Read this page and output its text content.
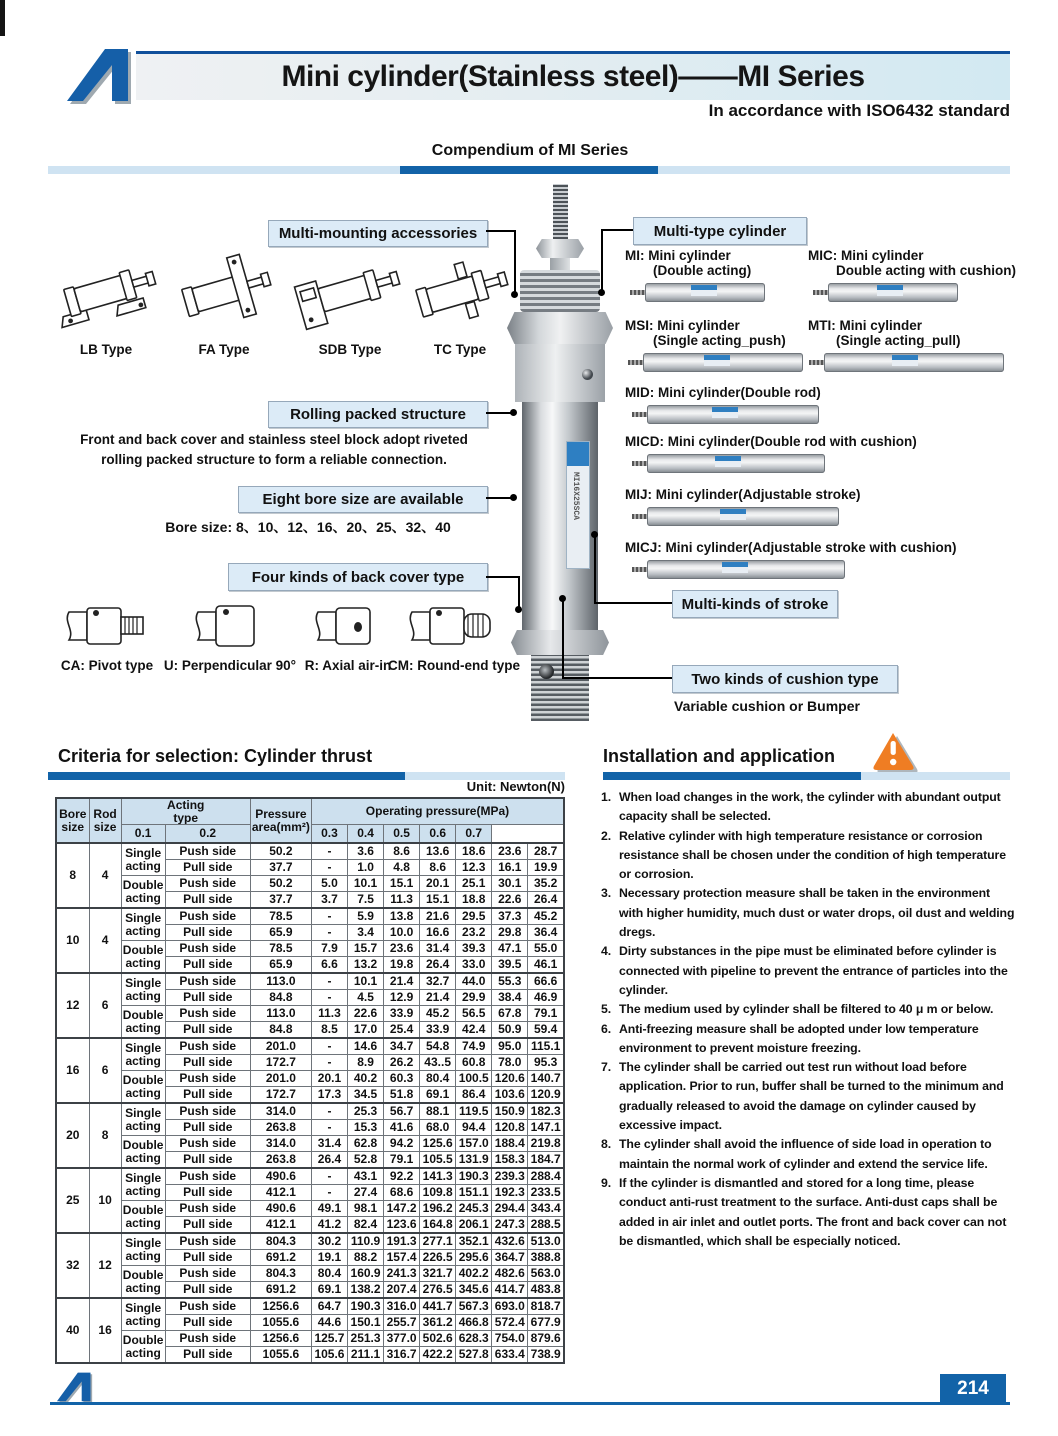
Mini cylinder(Stainless steel)——MI Series
In accordance with ISO6432 standard
Compendium of MI Series
LB Type	FA Type	SDB Type	TC Type
Multi-mounting accessories
Rolling packed structure
Front and back cover and stainless steel block adopt riveted rolling packed structure to form a reliable connection.
Eight bore size are available
Bore size: 8、10、12、16、20、25、32、40
Four kinds of back cover type
CA: Pivot type U: Perpendicular 90° R: Axial air-in
CM: Round-end type
MI16X25SCA
Multi-type cylinder
MI: Mini cylinder
(Double acting)
MIC: Mini cylinder
Double acting with cushion)
MSI: Mini cylinder
(Single acting_push)
MTI: Mini cylinder
(Single acting_pull)
MID: Mini cylinder(Double rod)
MICD: Mini cylinder(Double rod with cushion)
MIJ: Mini cylinder(Adjustable stroke)
MICJ: Mini cylinder(Adjustable stroke with cushion)
Multi-kinds of stroke
Two kinds of cushion type
Variable cushion or Bumper
Criteria for selection: Cylinder thrust
Unit: Newton(N)
Bore size	Rod size	Acting type		Pressure area(mm²)	Operating pressure(MPa)						
		0.1	0.2		0.3	0.4	0.5	0.6	0.7		
8	4	Single acting	Push side	50.2	-	3.6	8.6	13.6	18.6	23.6	28.7
			Pull side	37.7	-	1.0	4.8	8.6	12.3	16.1	19.9
		Double acting	Push side	50.2	5.0	10.1	15.1	20.1	25.1	30.1	35.2
			Pull side	37.7	3.7	7.5	11.3	15.1	18.8	22.6	26.4
10	4	Single acting	Push side	78.5	-	5.9	13.8	21.6	29.5	37.3	45.2
			Pull side	65.9	-	3.4	10.0	16.6	23.2	29.8	36.4
		Double acting	Push side	78.5	7.9	15.7	23.6	31.4	39.3	47.1	55.0
			Pull side	65.9	6.6	13.2	19.8	26.4	33.0	39.5	46.1
12	6	Single acting	Push side	113.0	-	10.1	21.4	32.7	44.0	55.3	66.6
			Pull side	84.8	-	4.5	12.9	21.4	29.9	38.4	46.9
		Double acting	Push side	113.0	11.3	22.6	33.9	45.2	56.5	67.8	79.1
			Pull side	84.8	8.5	17.0	25.4	33.9	42.4	50.9	59.4
16	6	Single acting	Push side	201.0	-	14.6	34.7	54.8	74.9	95.0	115.1
			Pull side	172.7	-	8.9	26.2	43..5	60.8	78.0	95.3
		Double acting	Push side	201.0	20.1	40.2	60.3	80.4	100.5	120.6	140.7
			Pull side	172.7	17.3	34.5	51.8	69.1	86.4	103.6	120.9
20	8	Single acting	Push side	314.0	-	25.3	56.7	88.1	119.5	150.9	182.3
			Pull side	263.8	-	15.3	41.6	68.0	94.4	120.8	147.1
		Double acting	Push side	314.0	31.4	62.8	94.2	125.6	157.0	188.4	219.8
			Pull side	263.8	26.4	52.8	79.1	105.5	131.9	158.3	184.7
25	10	Single acting	Push side	490.6	-	43.1	92.2	141.3	190.3	239.3	288.4
			Pull side	412.1	-	27.4	68.6	109.8	151.1	192.3	233.5
		Double acting	Push side	490.6	49.1	98.1	147.2	196.2	245.3	294.4	343.4
			Pull side	412.1	41.2	82.4	123.6	164.8	206.1	247.3	288.5
32	12	Single acting	Push side	804.3	30.2	110.9	191.3	277.1	352.1	432.6	513.0
			Pull side	691.2	19.1	88.2	157.4	226.5	295.6	364.7	388.8
		Double acting	Push side	804.3	80.4	160.9	241.3	321.7	402.2	482.6	563.0
			Pull side	691.2	69.1	138.2	207.4	276.5	345.6	414.7	483.8
40	16	Single acting	Push side	1256.6	64.7	190.3	316.0	441.7	567.3	693.0	818.7
			Pull side	1055.6	44.6	150.1	255.7	361.2	466.8	572.4	677.9
		Double acting	Push side	1256.6	125.7	251.3	377.0	502.6	628.3	754.0	879.6
			Pull side	1055.6	105.6	211.1	316.7	422.2	527.8	633.4	738.9
Installation and application
1. When load changes in the work, the cylinder with abundant output capacity shall be selected.
2. Relative cylinder with high temperature resistance or corrosion resistance shall be chosen under the condition of high temperature or corrosion.
3. Necessary protection measure shall be taken in the environment with higher humidity, much dust or water drops, oil dust and welding dregs.
4. Dirty substances in the pipe must be eliminated before cylinder is connected with pipeline to prevent the entrance of particles into the cylinder.
5. The medium used by cylinder shall be filtered to 40 μ m or below.
6. Anti-freezing measure shall be adopted under low temperature environment to prevent moisture freezing.
7. The cylinder shall be carried out test run without load before application. Prior to run, buffer shall be turned to the minimum and gradually released to avoid the damage on cylinder caused by excessive impact.
8. The cylinder shall avoid the influence of side load in operation to maintain the normal work of cylinder and extend the service life.
9. If the cylinder is dismantled and stored for a long time, please conduct anti-rust treatment to the surface. Anti-dust caps shall be added in air inlet and outlet ports. The front and back cover can not be dismantled, which shall be especially noticed.
214
